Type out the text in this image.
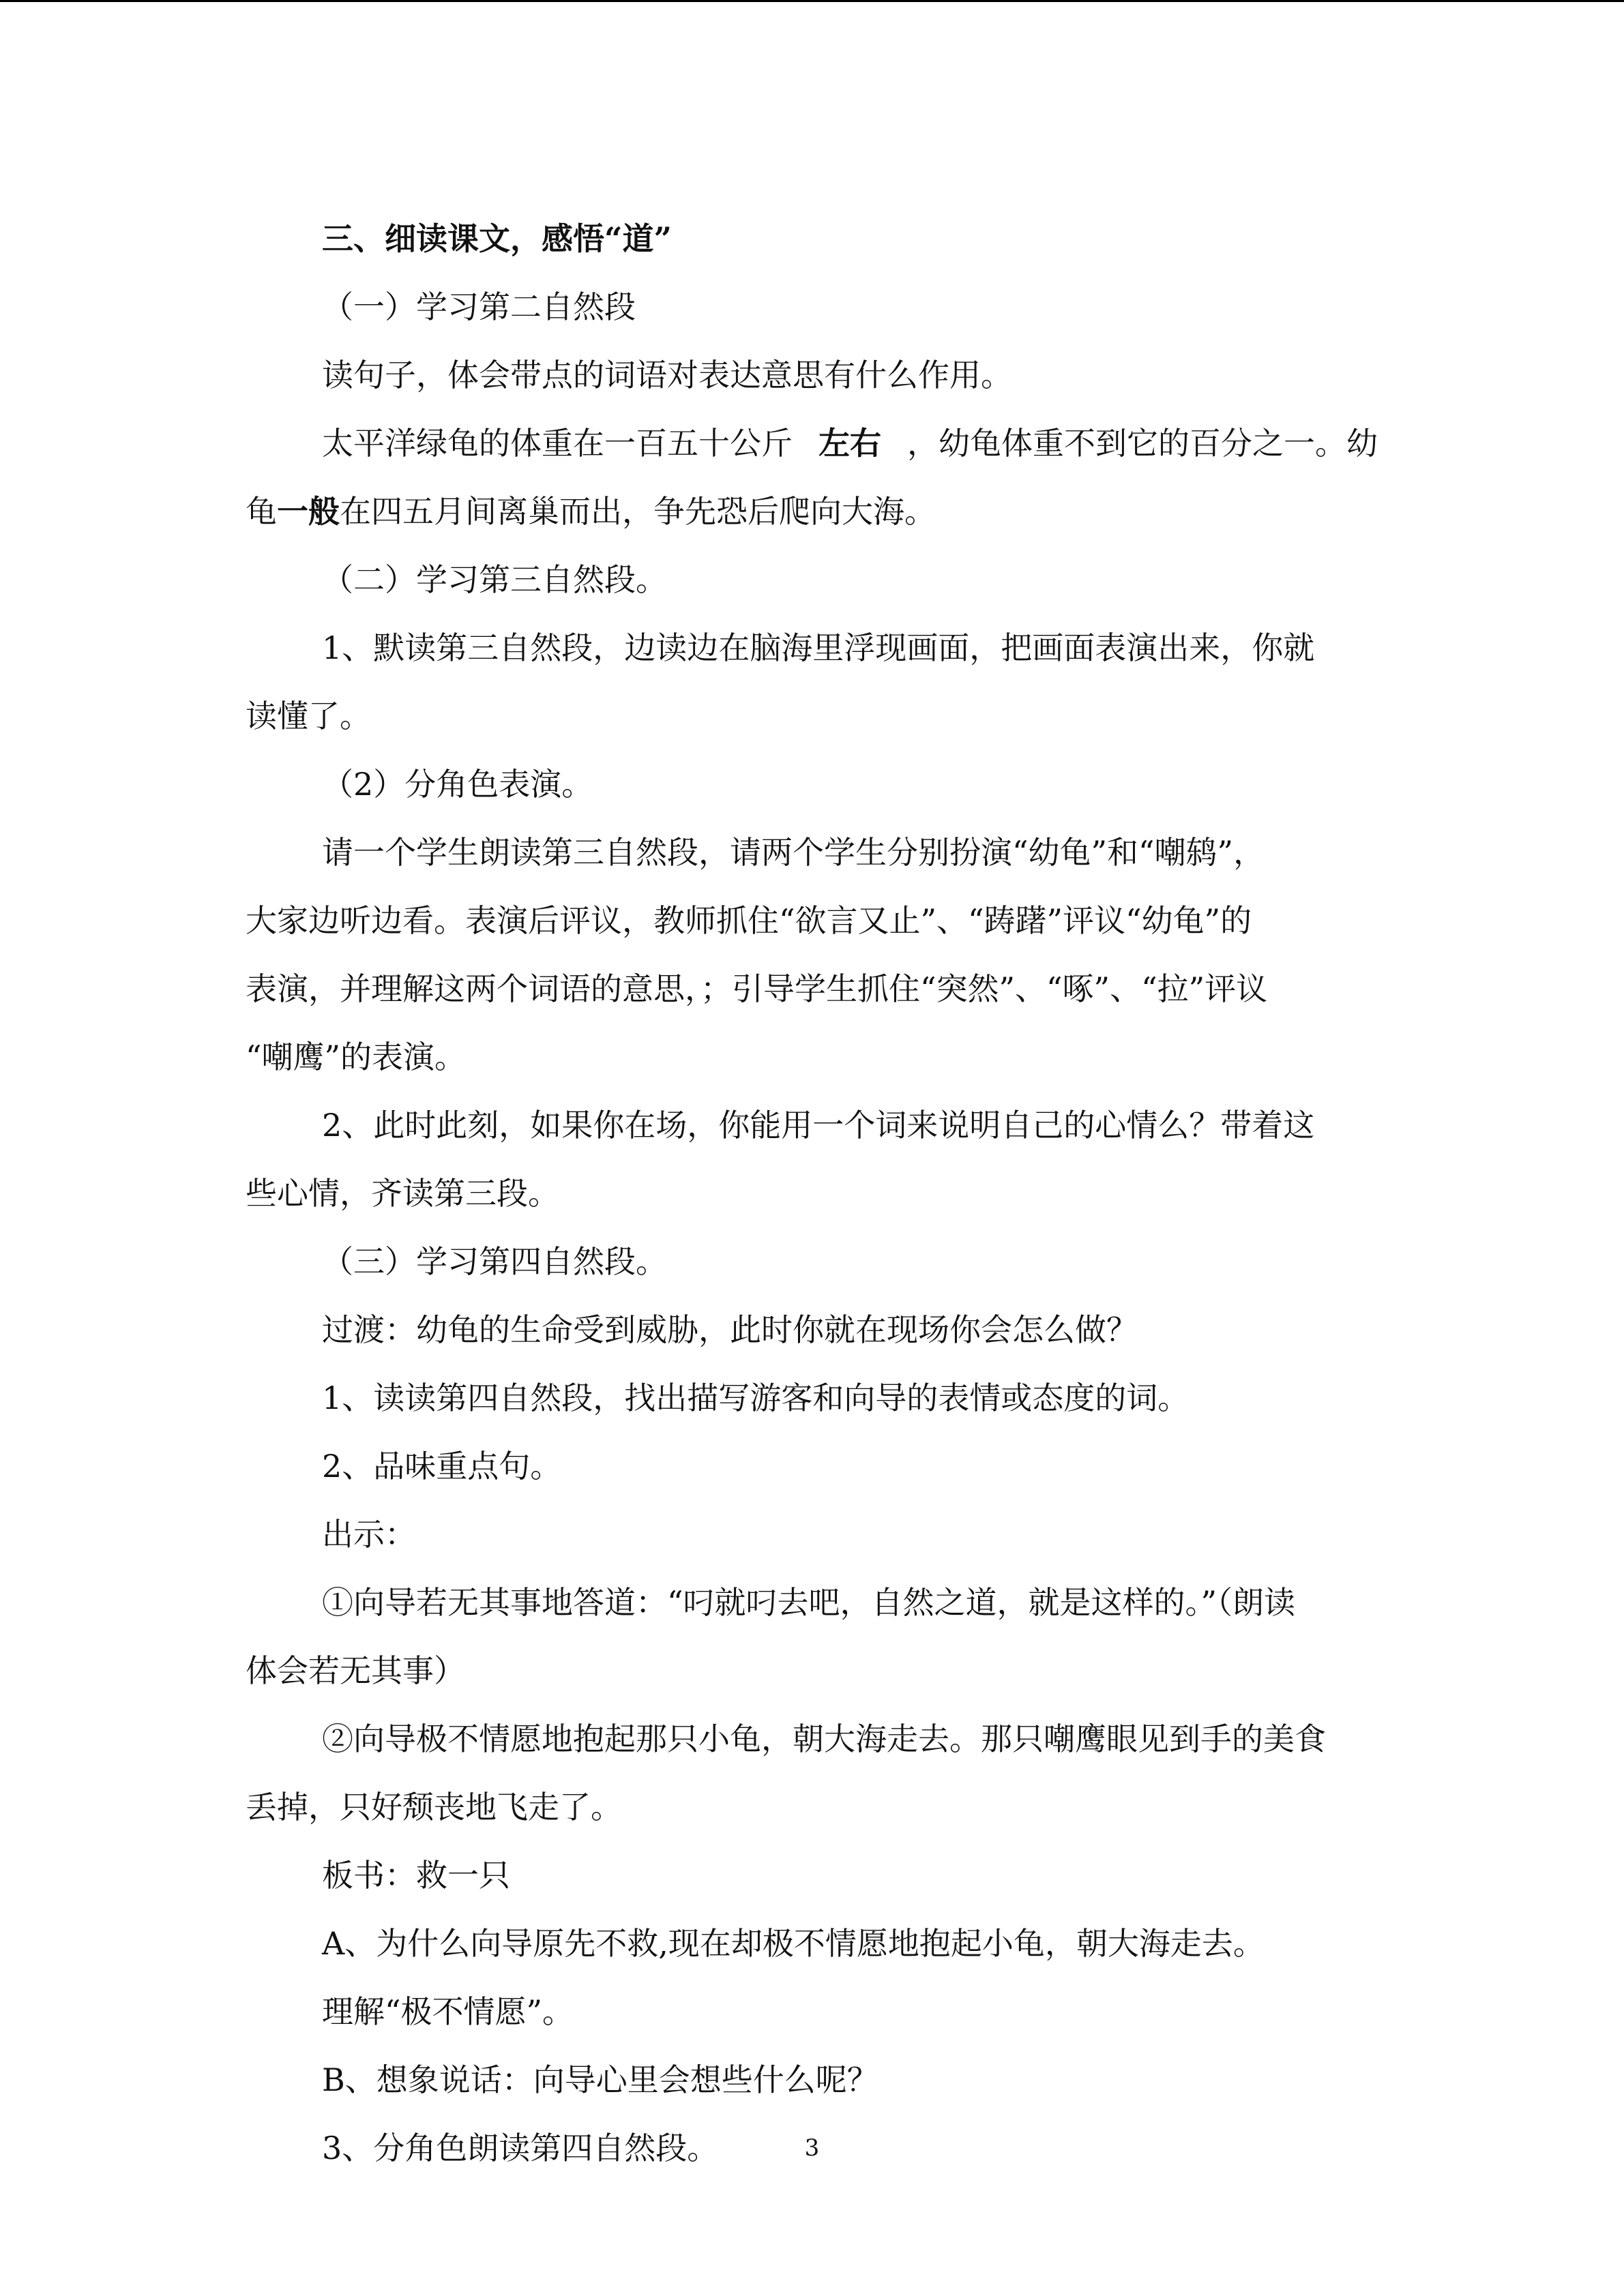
三、细读课文，感悟“道”
（一）学习第二自然段
读句子，体会带点的词语对表达意思有什么作用。
太平洋绿龟的体重在一百五十公斤 左右 ，幼龟体重不到它的百分之一。幼
龟一般在四五月间离巢而出，争先恐后爬向大海。
（二）学习第三自然段。
1、默读第三自然段，边读边在脑海里浮现画面，把画面表演出来，你就
读懂了。
（2）分角色表演。
请一个学生朗读第三自然段，请两个学生分别扮演“幼龟”和“嘲鸫”，
大家边听边看。表演后评议，教师抓住“欲言又止”、“踌躇”评议“幼龟”的
表演，并理解这两个词语的意思，；引导学生抓住“突然”、“啄”、“拉”评议
“嘲鹰”的表演。
2、此时此刻，如果你在场，你能用一个词来说明自己的心情么？带着这
些心情，齐读第三段。
（三）学习第四自然段。
过渡：幼龟的生命受到威胁，此时你就在现场你会怎么做？
1、读读第四自然段，找出描写游客和向导的表情或态度的词。
2、品味重点句。
出示：
①向导若无其事地答道：“叼就叼去吧，自然之道，就是这样的。”（朗读
体会若无其事）
②向导极不情愿地抱起那只小龟，朝大海走去。那只嘲鹰眼见到手的美食
丢掉，只好颓丧地飞走了。
板书：救一只
A、为什么向导原先不救,现在却极不情愿地抱起小龟，朝大海走去。
理解“极不情愿”。
B、想象说话：向导心里会想些什么呢？
3、分角色朗读第四自然段。	3
